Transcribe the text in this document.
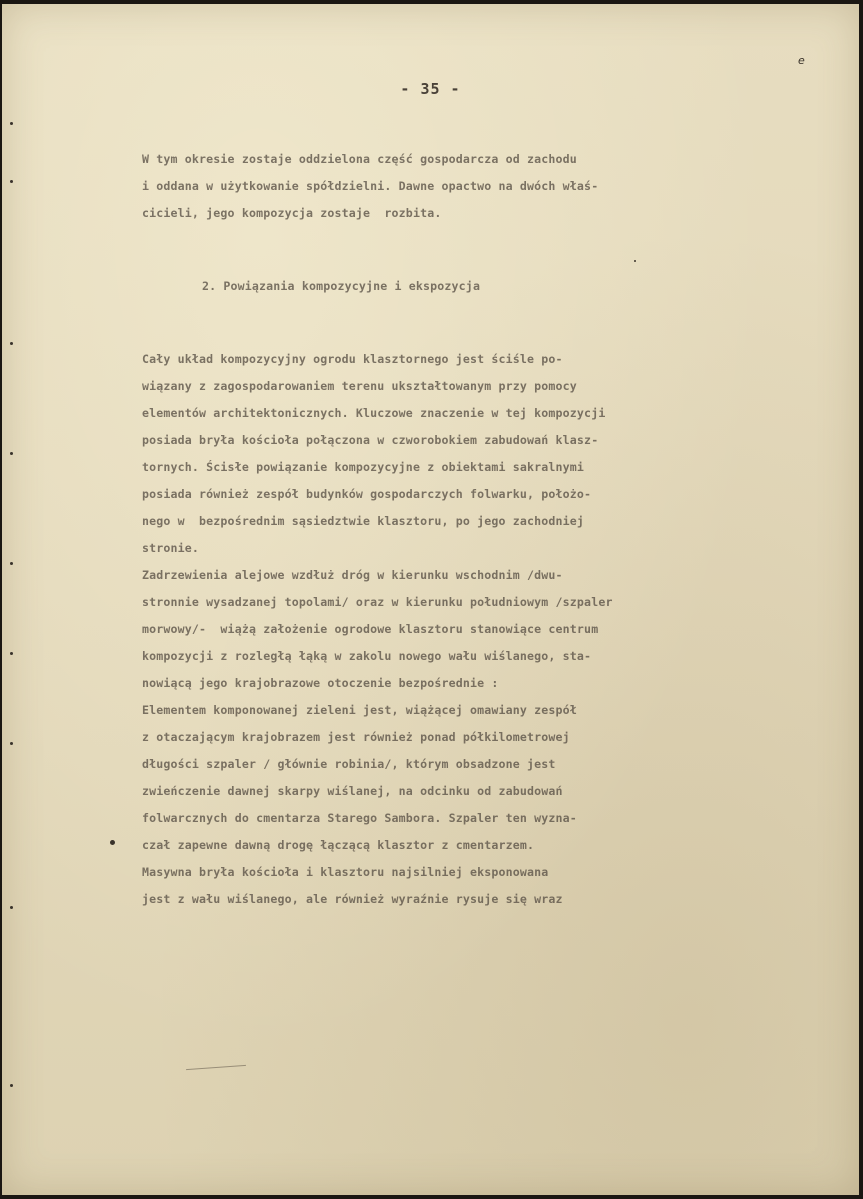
e
- 35 -
W tym okresie zostaje oddzielona część gospodarcza od zachodu
i oddana w użytkowanie spółdzielni. Dawne opactwo na dwóch właś-
cicieli, jego kompozycja zostaje  rozbita.
2. Powiązania kompozycyjne i ekspozycja
Cały układ kompozycyjny ogrodu klasztornego jest ściśle po-
wiązany z zagospodarowaniem terenu ukształtowanym przy pomocy
elementów architektonicznych. Kluczowe znaczenie w tej kompozycji
posiada bryła kościoła połączona w czworobokiem zabudowań klasz-
tornych. Ścisłe powiązanie kompozycyjne z obiektami sakralnymi
posiada również zespół budynków gospodarczych folwarku, położo-
nego w  bezpośrednim sąsiedztwie klasztoru, po jego zachodniej
stronie.
Zadrzewienia alejowe wzdłuż dróg w kierunku wschodnim /dwu-
stronnie wysadzanej topolami/ oraz w kierunku południowym /szpaler
morwowy/-  wiążą założenie ogrodowe klasztoru stanowiące centrum
kompozycji z rozległą łąką w zakolu nowego wału wiślanego, sta-
nowiącą jego krajobrazowe otoczenie bezpośrednie :
Elementem komponowanej zieleni jest, wiążącej omawiany zespół
z otaczającym krajobrazem jest również ponad półkilometrowej
długości szpaler / głównie robinia/, którym obsadzone jest
zwieńczenie dawnej skarpy wiślanej, na odcinku od zabudowań
folwarcznych do cmentarza Starego Sambora. Szpaler ten wyzna-
czał zapewne dawną drogę łączącą klasztor z cmentarzem.
Masywna bryła kościoła i klasztoru najsilniej eksponowana
jest z wału wiślanego, ale również wyraźnie rysuje się wraz
